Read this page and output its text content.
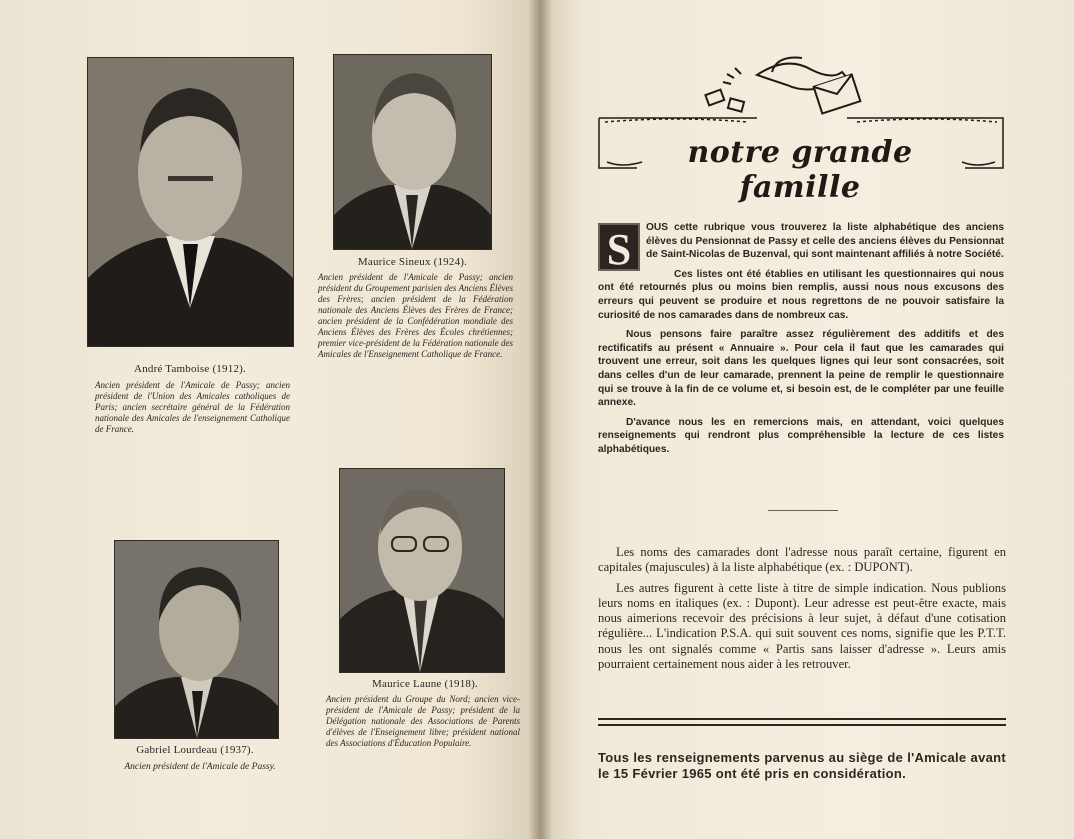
André Tamboise (1912).
Ancien président de l'Amicale de Passy; ancien président de l'Union des Amicales catholiques de Paris; ancien secrétaire général de la Fédération nationale des Amicales de l'enseignement Catholique de France.
Maurice Sineux (1924).
Ancien président de l'Amicale de Passy; ancien président du Groupement parisien des Anciens Élèves des Frères; ancien président de la Fédération nationale des Anciens Élèves des Frères de France; ancien président de la Confédération mondiale des Anciens Élèves des Frères des Écoles chrétiennes; premier vice-président de la Fédération nationale des Amicales de l'Enseignement Catholique de France.
Gabriel Lourdeau (1937).
Ancien président de l'Amicale de Passy.
Maurice Laune (1918).
Ancien président du Groupe du Nord; ancien vice-président de l'Amicale de Passy; président de la Délégation nationale des Associations de Parents d'élèves de l'Enseignement libre; président national des Associations d'Éducation Populaire.
notre grande famille
S	OUS cette rubrique vous trouverez la liste alphabétique des anciens élèves du Pensionnat de Passy et celle des anciens élèves du Pensionnat de Saint-Nicolas de Buzenval, qui sont maintenant affiliés à notre Société.

Ces listes ont été établies en utilisant les questionnaires qui nous ont été retournés plus ou moins bien remplis, aussi nous nous excusons des erreurs qui peuvent se produire et nous regrettons de ne pouvoir satisfaire la curiosité de nos camarades dans de nombreux cas.

Nous pensons faire paraître assez régulièrement des additifs et des rectificatifs au présent « Annuaire ». Pour cela il faut que les camarades qui trouvent une erreur, soit dans les quelques lignes qui leur sont consacrées, soit dans celles d'un de leur camarade, prennent la peine de remplir le questionnaire qui se trouve à la fin de ce volume et, si besoin est, de le compléter par une feuille annexe.

D'avance nous les en remercions mais, en attendant, voici quelques renseignements qui rendront plus compréhensible la lecture de ces listes alphabétiques.

Les noms des camarades dont l'adresse nous paraît certaine, figurent en capitales (majuscules) à la liste alphabétique (ex. : DUPONT).

Les autres figurent à cette liste à titre de simple indication. Nous publions leurs noms en italiques (ex. : Dupont). Leur adresse est peut-être exacte, mais nous aimerions recevoir des précisions à leur sujet, à défaut d'une cotisation régulière... L'indication P.S.A. qui suit souvent ces noms, signifie que les P.T.T. nous les ont signalés comme « Partis sans laisser d'adresse ». Leurs amis pourraient certainement nous aider à les retrouver.

Tous les renseignements parvenus au siège de l'Amicale avant le 15 Février 1965 ont été pris en considération.
